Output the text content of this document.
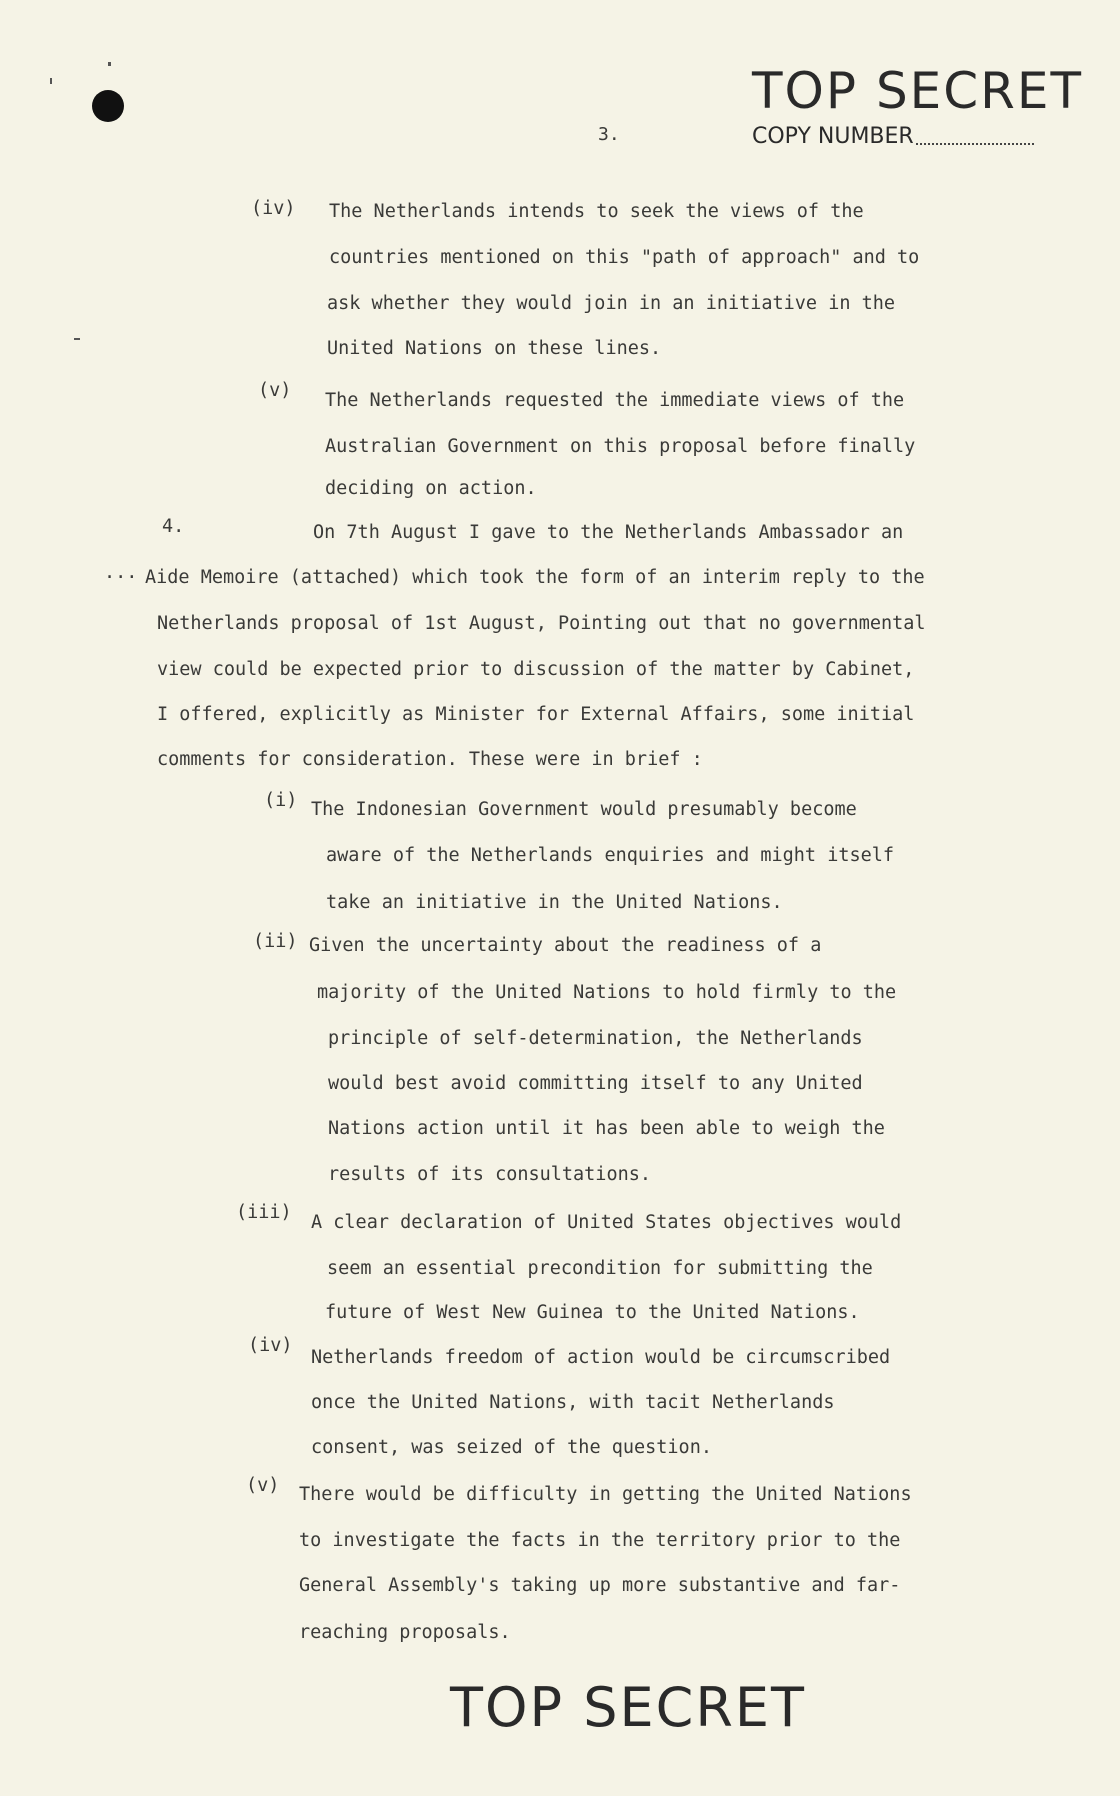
TOP SECRET
COPY NUMBER
3.
(iv) The Netherlands intends to seek the views of the
countries mentioned on this "path of approach" and to
ask whether they would join in an initiative in the
United Nations on these lines.
(v) The Netherlands requested the immediate views of the
Australian Government on this proposal before finally
deciding on action.
4.
...
On 7th August I gave to the Netherlands Ambassador an
Aide Memoire (attached) which took the form of an interim reply to the
Netherlands proposal of 1st August, Pointing out that no governmental
view could be expected prior to discussion of the matter by Cabinet,
I offered, explicitly as Minister for External Affairs, some initial
comments for consideration. These were in brief :
(i) The Indonesian Government would presumably become
aware of the Netherlands enquiries and might itself
take an initiative in the United Nations.
(ii) Given the uncertainty about the readiness of a
majority of the United Nations to hold firmly to the
principle of self-determination, the Netherlands
would best avoid committing itself to any United
Nations action until it has been able to weigh the
results of its consultations.
(iii) A clear declaration of United States objectives would
seem an essential precondition for submitting the
future of West New Guinea to the United Nations.
(iv)
Netherlands freedom of action would be circumscribed
once the United Nations, with tacit Netherlands
consent, was seized of the question.
(v) There would be difficulty in getting the United Nations
to investigate the facts in the territory prior to the
General Assembly's taking up more substantive and far-
reaching proposals.
TOP SECRET
